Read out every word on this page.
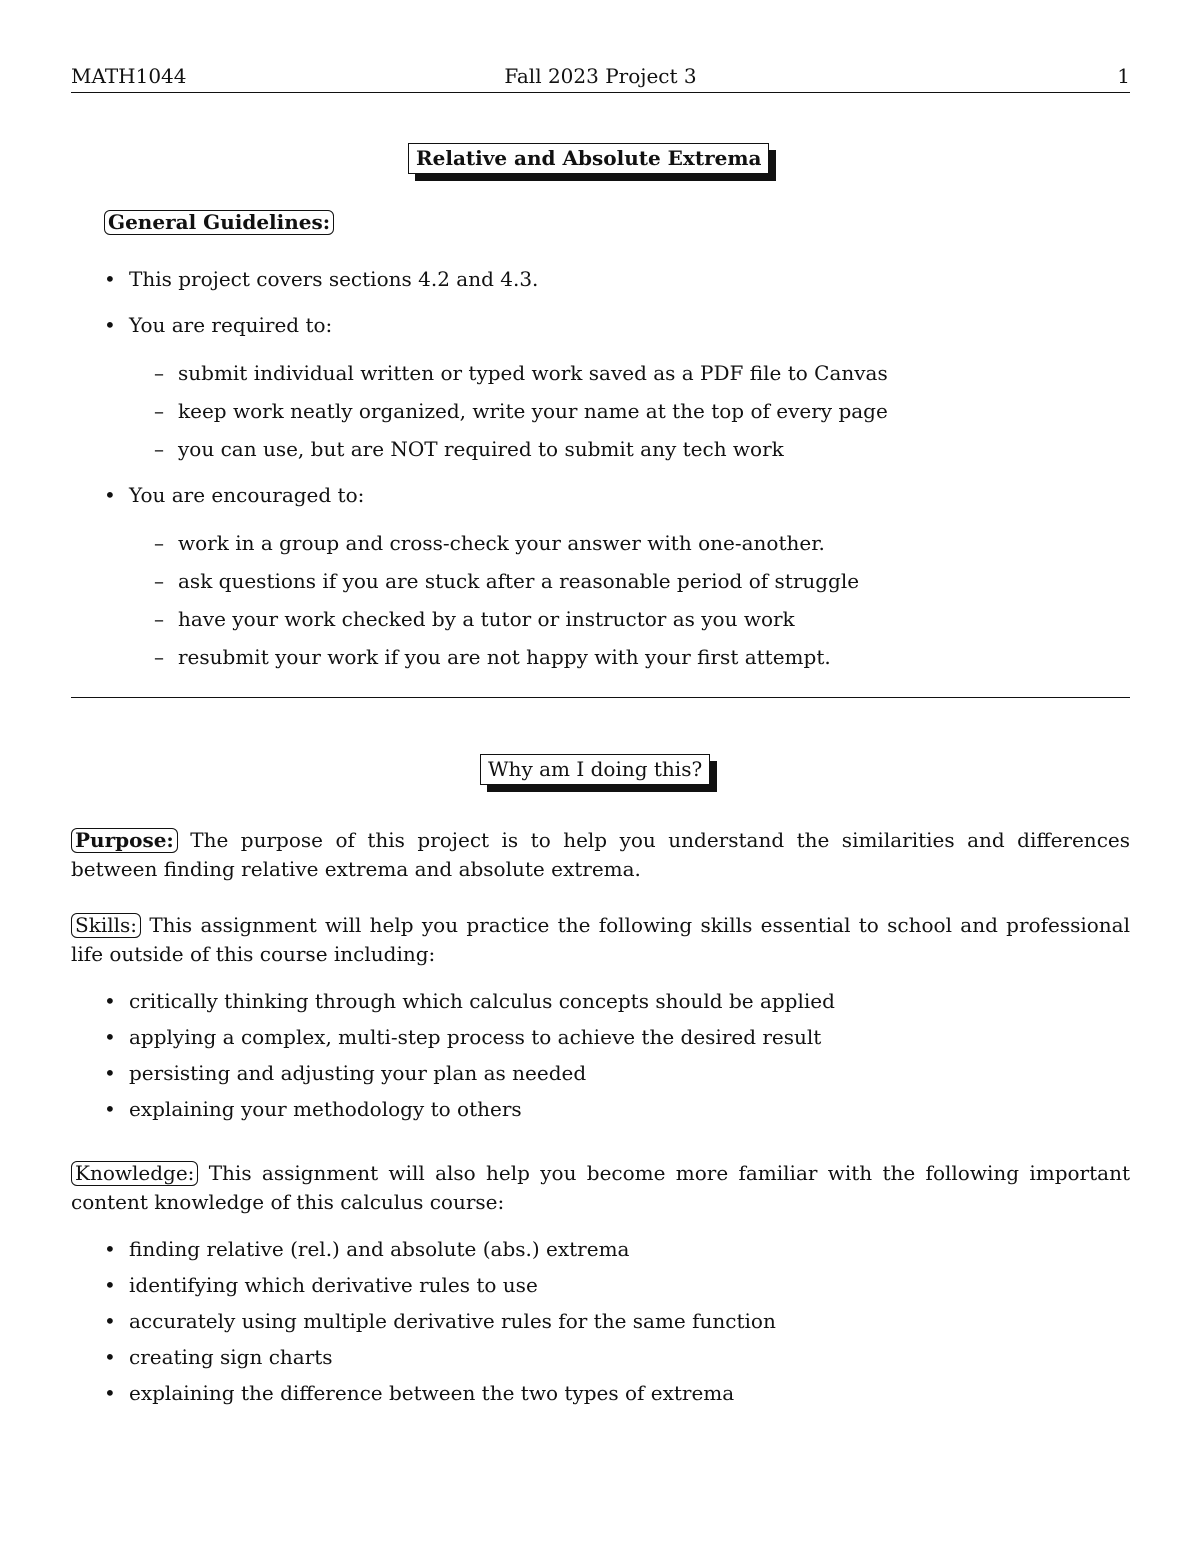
MATH1044	Fall 2023 Project 3	1
Relative and Absolute Extrema
General Guidelines:
• This project covers sections 4.2 and 4.3.
• You are required to:
– submit individual written or typed work saved as a PDF file to Canvas
– keep work neatly organized, write your name at the top of every page
– you can use, but are NOT required to submit any tech work
• You are encouraged to:
– work in a group and cross-check your answer with one-another.
– ask questions if you are stuck after a reasonable period of struggle
– have your work checked by a tutor or instructor as you work
– resubmit your work if you are not happy with your first attempt.
Why am I doing this?
Purpose: The purpose of this project is to help you understand the similarities and differences between finding relative extrema and absolute extrema.
Skills: This assignment will help you practice the following skills essential to school and professional life outside of this course including:
• critically thinking through which calculus concepts should be applied
• applying a complex, multi-step process to achieve the desired result
• persisting and adjusting your plan as needed
• explaining your methodology to others
Knowledge: This assignment will also help you become more familiar with the following important content knowledge of this calculus course:
• finding relative (rel.) and absolute (abs.) extrema
• identifying which derivative rules to use
• accurately using multiple derivative rules for the same function
• creating sign charts
• explaining the difference between the two types of extrema
